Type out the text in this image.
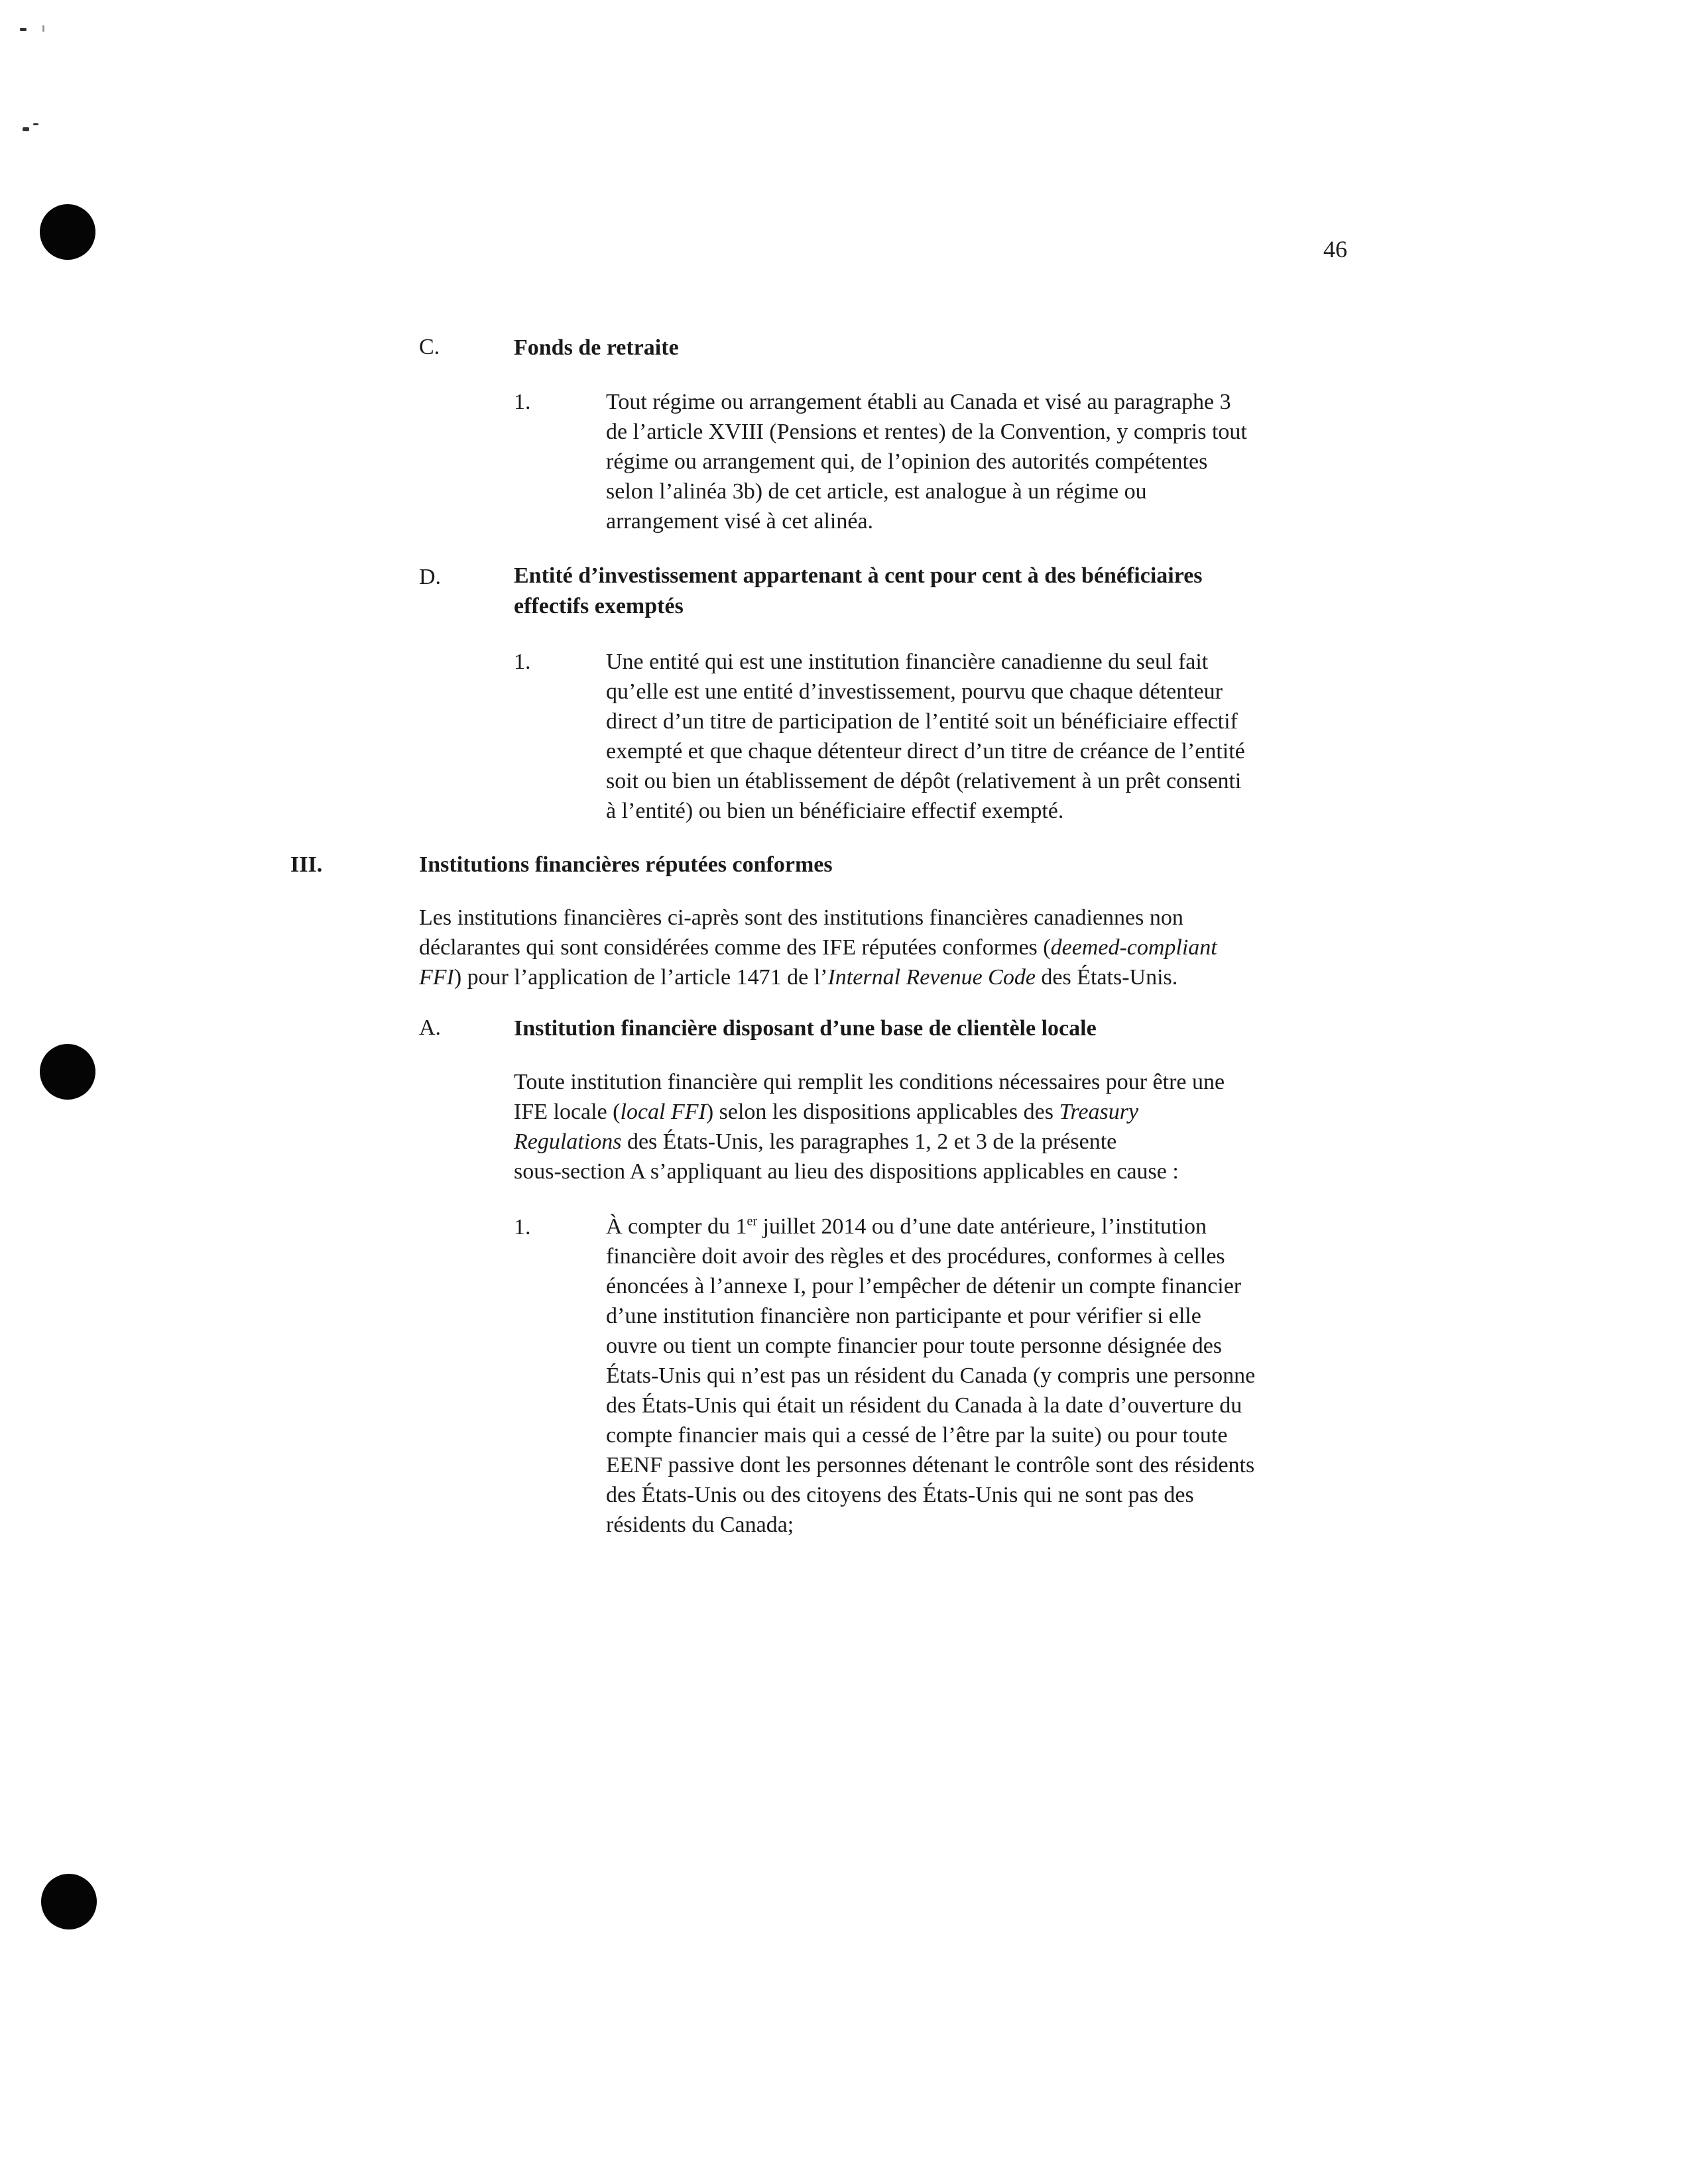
46
C.	Fonds de retraite
1.	Tout régime ou arrangement établi au Canada et visé au paragraphe 3

de l’article XVIII (Pensions et rentes) de la Convention, y compris tout

régime ou arrangement qui, de l’opinion des autorités compétentes

selon l’alinéa 3b) de cet article, est analogue à un régime ou

arrangement visé à cet alinéa.

D.	Entité d’investissement appartenant à cent pour cent à des bénéficiaires
effectifs exemptés
1.	Une entité qui est une institution financière canadienne du seul fait

qu’elle est une entité d’investissement, pourvu que chaque détenteur

direct d’un titre de participation de l’entité soit un bénéficiaire effectif

exempté et que chaque détenteur direct d’un titre de créance de l’entité

soit ou bien un établissement de dépôt (relativement à un prêt consenti

à l’entité) ou bien un bénéficiaire effectif exempté.

III.	Institutions financières réputées conformes

Les institutions financières ci-après sont des institutions financières canadiennes non

déclarantes qui sont considérées comme des IFE réputées conformes (deemed-compliant

FFI) pour l’application de l’article 1471 de l’Internal Revenue Code des États-Unis.

A.	Institution financière disposant d’une base de clientèle locale

Toute institution financière qui remplit les conditions nécessaires pour être une

IFE locale (local FFI) selon les dispositions applicables des Treasury

Regulations des États-Unis, les paragraphes 1, 2 et 3 de la présente

sous-section A s’appliquant au lieu des dispositions applicables en cause :

1.	À compter du 1er juillet 2014 ou d’une date antérieure, l’institution

financière doit avoir des règles et des procédures, conformes à celles

énoncées à l’annexe I, pour l’empêcher de détenir un compte financier

d’une institution financière non participante et pour vérifier si elle

ouvre ou tient un compte financier pour toute personne désignée des

États-Unis qui n’est pas un résident du Canada (y compris une personne

des États-Unis qui était un résident du Canada à la date d’ouverture du

compte financier mais qui a cessé de l’être par la suite) ou pour toute

EENF passive dont les personnes détenant le contrôle sont des résidents

des États-Unis ou des citoyens des États-Unis qui ne sont pas des

résidents du Canada;
